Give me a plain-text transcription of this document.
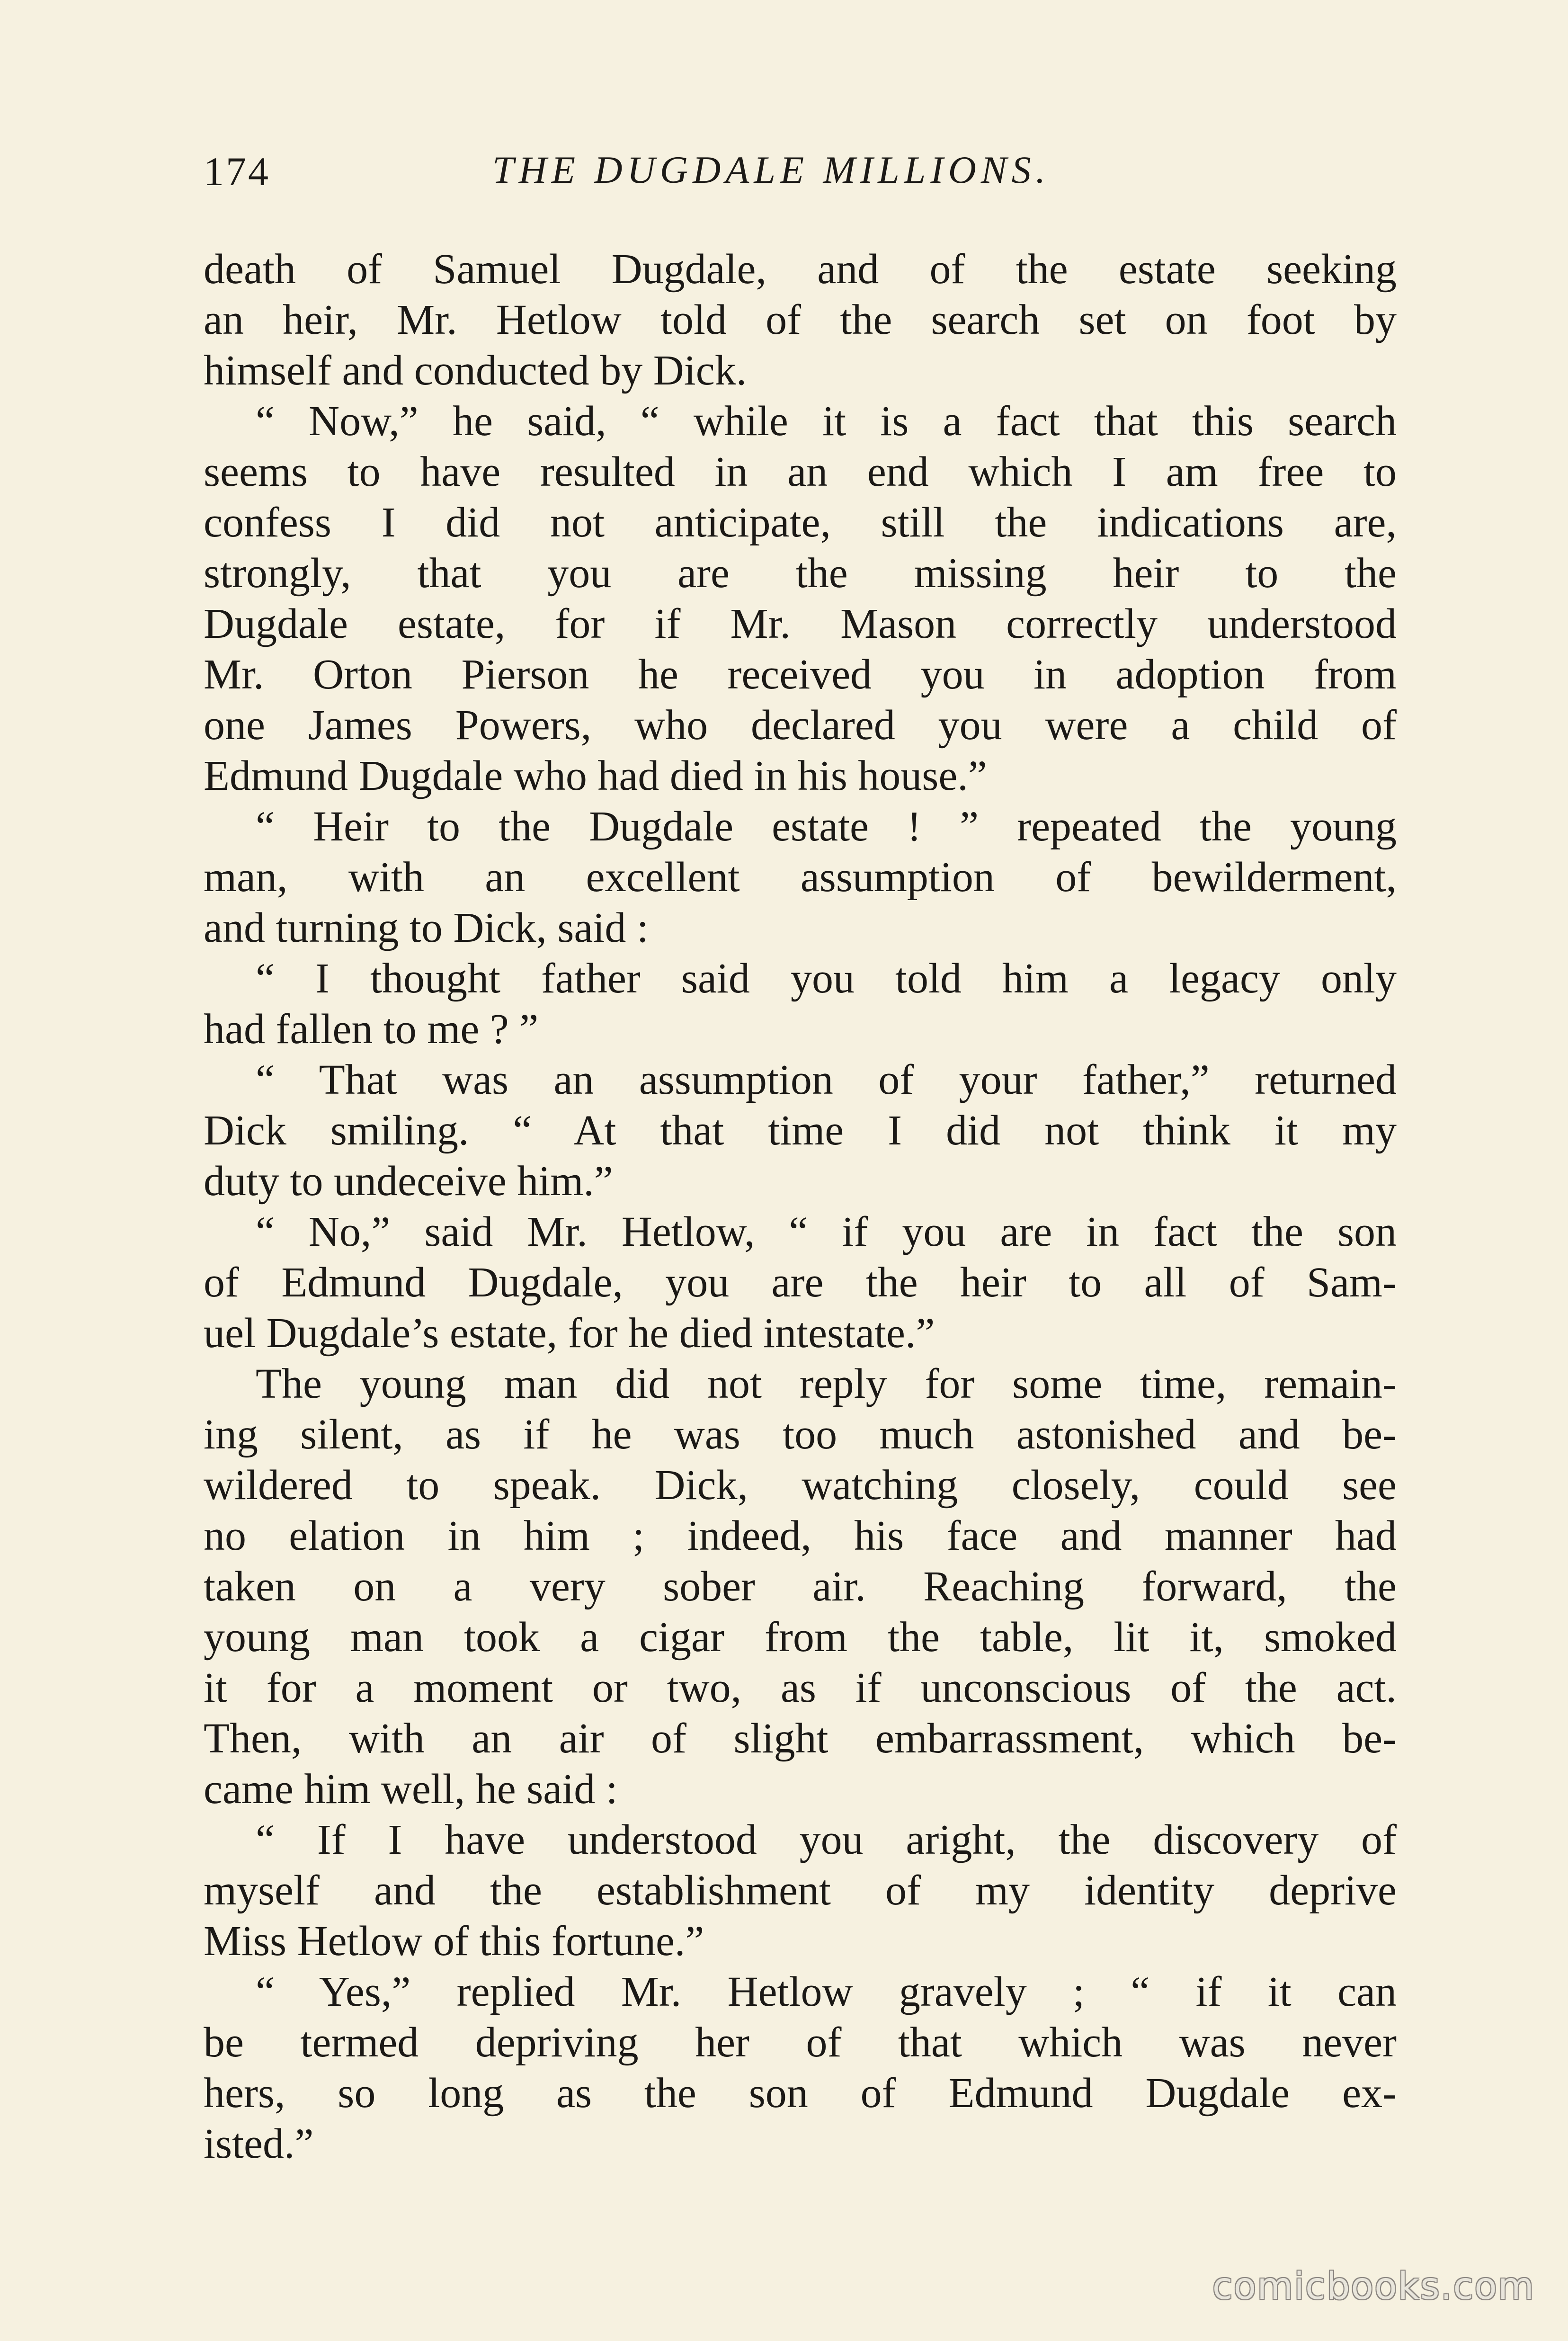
174	THE DUGDALE MILLIONS.
death of Samuel Dugdale, and of the estate seeking
an heir, Mr. Hetlow told of the search set on foot by
himself and conducted by Dick.
“ Now,” he said, “ while it is a fact that this search
seems to have resulted in an end which I am free to
confess I did not anticipate, still the indications are,
strongly, that you are the missing heir to the
Dugdale estate, for if Mr. Mason correctly understood
Mr. Orton Pierson he received you in adoption from
one James Powers, who declared you were a child of
Edmund Dugdale who had died in his house.”
“ Heir to the Dugdale estate ! ” repeated the young
man, with an excellent assumption of bewilderment,
and turning to Dick, said :
“ I thought father said you told him a legacy only
had fallen to me ? ”
“ That was an assumption of your father,” returned
Dick smiling. “ At that time I did not think it my
duty to undeceive him.”
“ No,” said Mr. Hetlow, “ if you are in fact the son
of Edmund Dugdale, you are the heir to all of Sam-
uel Dugdale’s estate, for he died intestate.”
The young man did not reply for some time, remain-
ing silent, as if he was too much astonished and be-
wildered to speak. Dick, watching closely, could see
no elation in him ; indeed, his face and manner had
taken on a very sober air. Reaching forward, the
young man took a cigar from the table, lit it, smoked
it for a moment or two, as if unconscious of the act.
Then, with an air of slight embarrassment, which be-
came him well, he said :
“ If I have understood you aright, the discovery of
myself and the establishment of my identity deprive
Miss Hetlow of this fortune.”
“ Yes,” replied Mr. Hetlow gravely ; “ if it can
be termed depriving her of that which was never
hers, so long as the son of Edmund Dugdale ex-
isted.”
comicbooks.com
